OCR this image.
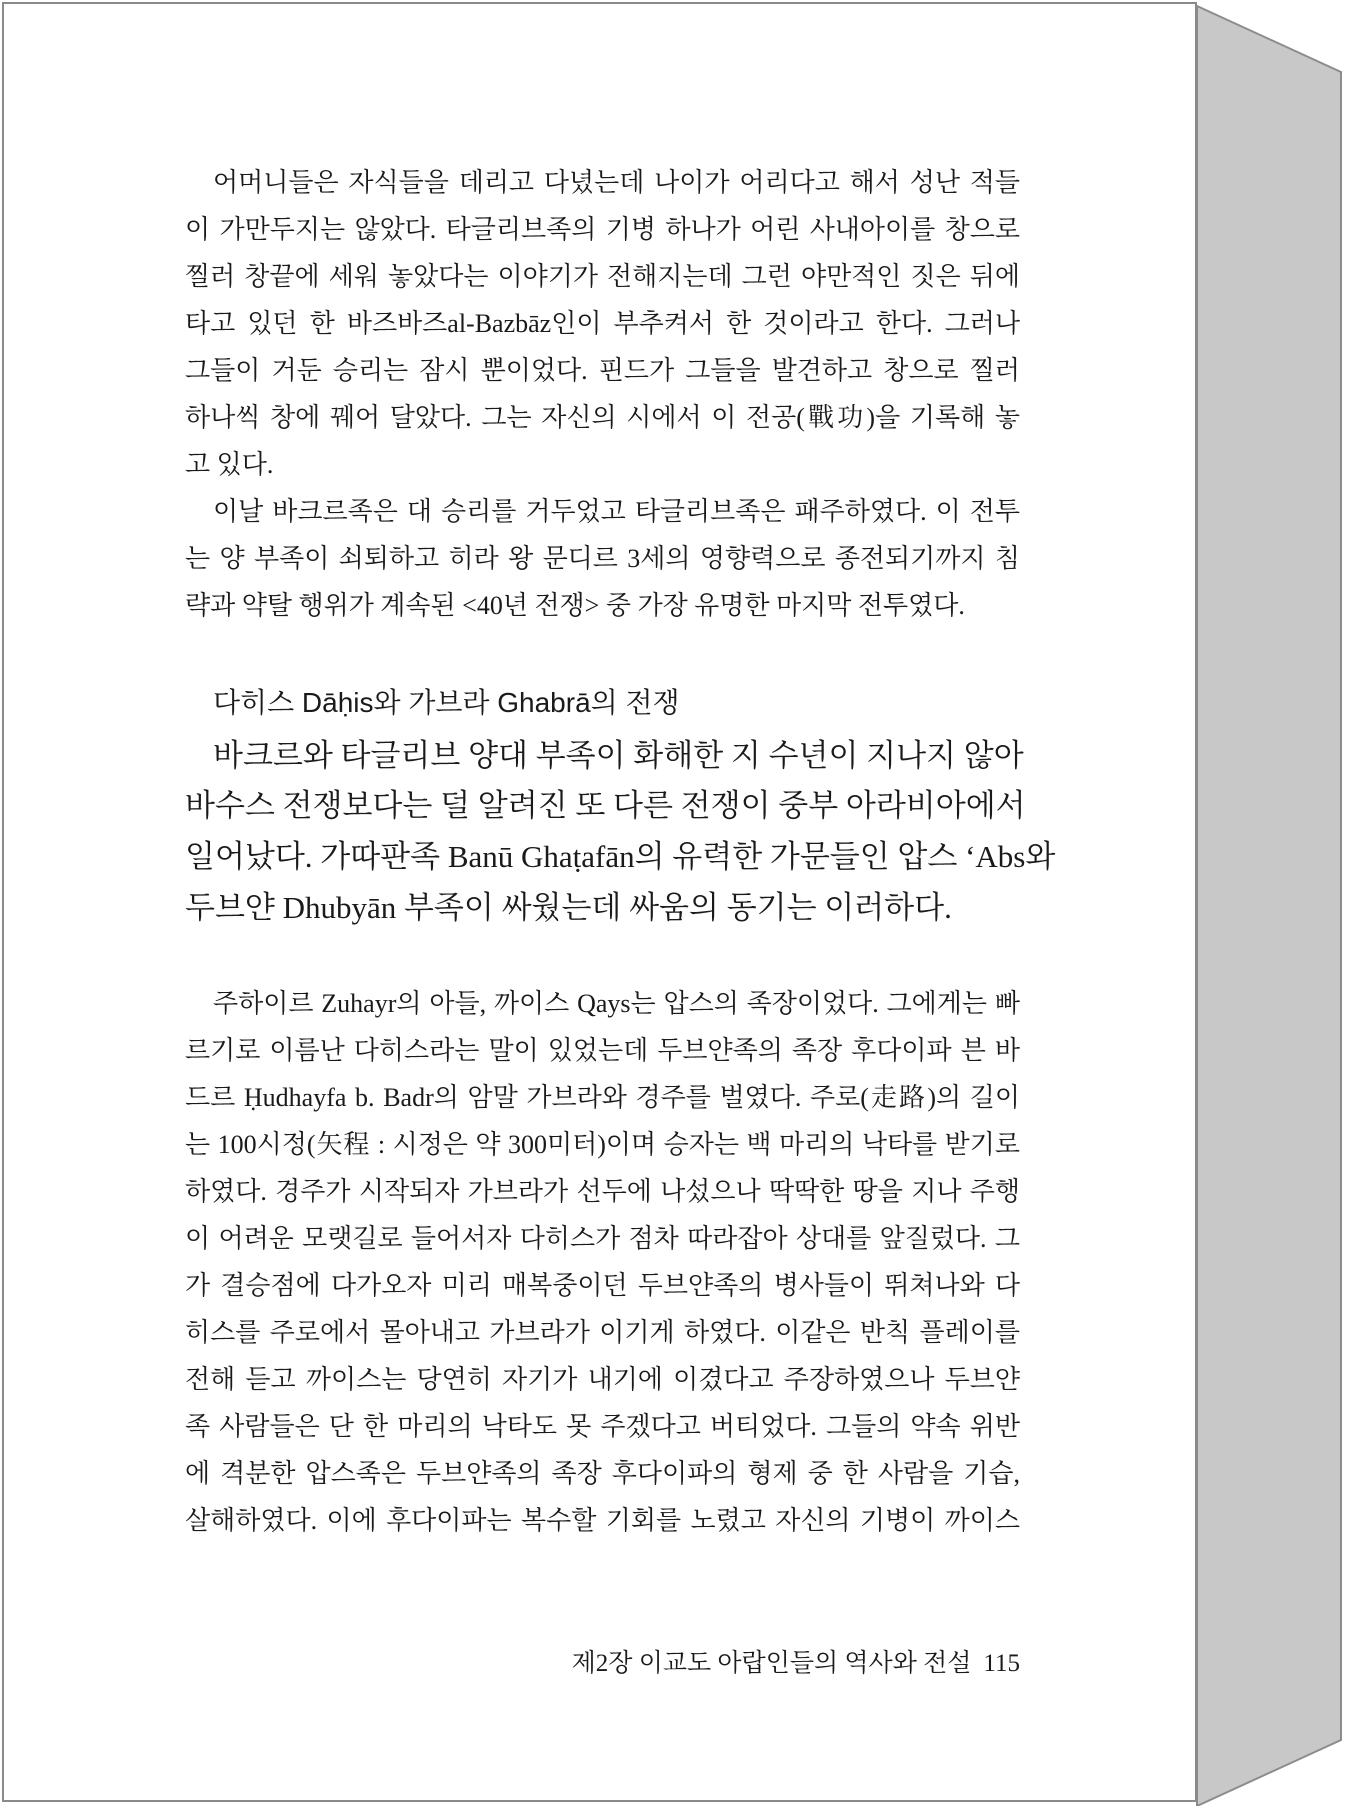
어머니들은 자식들을 데리고 다녔는데 나이가 어리다고 해서 성난 적들
이 가만두지는 않았다. 타글리브족의 기병 하나가 어린 사내아이를 창으로
찔러 창끝에 세워 놓았다는 이야기가 전해지는데 그런 야만적인 짓은 뒤에
타고 있던 한 바즈바즈al-Bazbāz인이 부추켜서 한 것이라고 한다. 그러나
그들이 거둔 승리는 잠시 뿐이었다. 핀드가 그들을 발견하고 창으로 찔러
하나씩 창에 꿰어 달았다. 그는 자신의 시에서 이 전공(戰功)을 기록해 놓
고 있다.
이날 바크르족은 대 승리를 거두었고 타글리브족은 패주하였다. 이 전투
는 양 부족이 쇠퇴하고 히라 왕 문디르 3세의 영향력으로 종전되기까지 침
략과 약탈 행위가 계속된 <40년 전쟁> 중 가장 유명한 마지막 전투였다.
다히스 Dāḥis와 가브라 Ghabrā의 전쟁
바크르와 타글리브 양대 부족이 화해한 지 수년이 지나지 않아
바수스 전쟁보다는 덜 알려진 또 다른 전쟁이 중부 아라비아에서
일어났다. 가따판족 Banū Ghaṭafān의 유력한 가문들인 압스 ʻAbs와
두브얀 Dhubyān 부족이 싸웠는데 싸움의 동기는 이러하다.
주하이르 Zuhayr의 아들, 까이스 Qays는 압스의 족장이었다. 그에게는 빠
르기로 이름난 다히스라는 말이 있었는데 두브얀족의 족장 후다이파 븐 바
드르 Ḥudhayfa b. Badr의 암말 가브라와 경주를 벌였다. 주로(走路)의 길이
는 100시정(矢程 : 시정은 약 300미터)이며 승자는 백 마리의 낙타를 받기로
하였다. 경주가 시작되자 가브라가 선두에 나섰으나 딱딱한 땅을 지나 주행
이 어려운 모랫길로 들어서자 다히스가 점차 따라잡아 상대를 앞질렀다. 그
가 결승점에 다가오자 미리 매복중이던 두브얀족의 병사들이 뛰쳐나와 다
히스를 주로에서 몰아내고 가브라가 이기게 하였다. 이같은 반칙 플레이를
전해 듣고 까이스는 당연히 자기가 내기에 이겼다고 주장하였으나 두브얀
족 사람들은 단 한 마리의 낙타도 못 주겠다고 버티었다. 그들의 약속 위반
에 격분한 압스족은 두브얀족의 족장 후다이파의 형제 중 한 사람을 기습,
살해하였다. 이에 후다이파는 복수할 기회를 노렸고 자신의 기병이 까이스
제2장 이교도 아랍인들의 역사와 전설 115
